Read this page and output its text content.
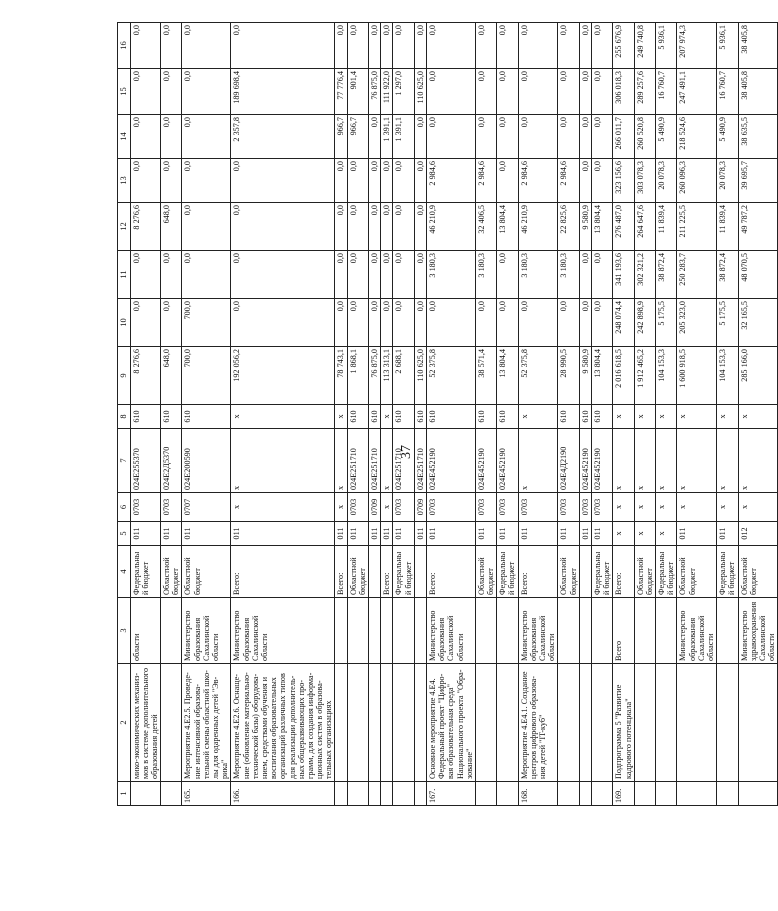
37
1	2	3	4	5	6	7	8	9	10	11	12	13	14	15	16
	мико-экономических механиз-мов в системе дополнительного образования детей	области	Федеральный бюджет	011	0703	024E255370	610	8 276,6	0,0	0,0	8 276,6	0,0	0,0	0,0	0,0
			Областной бюджет	011	0703	024E2Д5370	610	648,0	0,0	0,0	648,0	0,0	0,0	0,0	0,0
165.	Мероприятие 4.E2.5. Проведе-ние интенсивной образова-тельной смены областной шко-лы для одаренных детей "Эв-рика"	Министерство образования Сахалинской области	Областной бюджет	011	0707	024E200590	610	700,0	700,0	0,0	0,0	0,0	0,0	0,0	0,0
166.	Мероприятие 4.E2.6. Оснаще-ние (обновление материально-технической базы) оборудова-нием, средствами обучения и воспитания образовательных организаций различных типов для реализации дополнитель-ных общеразвивающих про-грамм, для создания информа-ционных систем в образова-тельных организациях	Министерство образования Сахалинской области	Всего:	011	x	x	x	192 056,2	0,0	0,0	0,0	0,0	2 357,8	189 698,4	0,0
			Всего:	011	x	x	x	78 743,1	0,0	0,0	0,0	0,0	966,7	77 776,4	0,0
			Областной бюджет	011	0703	024E251710	610	1 868,1	0,0	0,0	0,0	0,0	966,7	901,4	0,0
				011	0709	024E251710	610	76 875,0	0,0	0,0	0,0	0,0	0,0	76 875,0	0,0
			Всего:	011	x	x	x	113 313,1	0,0	0,0	0,0	0,0	1 391,1	111 922,0	0,0
			Федеральный бюджет	011	0703	024E251710	610	2 688,1	0,0	0,0	0,0	0,0	1 391,1	1 297,0	0,0
				011	0709	024E251710	610	110 625,0	0,0	0,0	0,0	0,0	0,0	110 625,0	0,0
167.	Основное мероприятие 4.E4. Федеральный проект "Цифро-вая образовательная среда" Национального проекта "Обра-зование"	Министерство образования Сахалинской области	Всего:	011	0703	024E452190	610	52 375,8	0,0	3 180,3	46 210,9	2 984,6	0,0	0,0	0,0
			Областной бюджет	011	0703	024E452190	610	38 571,4	0,0	3 180,3	32 406,5	2 984,6	0,0	0,0	0,0
			Федеральный бюджет	011	0703	024E452190	610	13 804,4	0,0	0,0	13 804,4	0,0	0,0	0,0	0,0
168.	Мероприятие 4.E4.1. Создание центров цифрового образова-ния детей "IT-куб"	Министерство образования Сахалинской области	Всего:	011	0703	x	x	52 375,8	0,0	3 180,3	46 210,9	2 984,6	0,0	0,0	0,0
			Областной бюджет	011	0703	024E4Д2190	610	28 990,5	0,0	3 180,3	22 825,6	2 984,6	0,0	0,0	0,0
				011	0703	024E452190	610	9 580,9	0,0	0,0	9 580,9	0,0	0,0	0,0	0,0
			Федеральный бюджет	011	0703	024E452190	610	13 804,4	0,0	0,0	13 804,4	0,0	0,0	0,0	0,0
169.	Подпрограмма 5 "Развитие кадрового потенциала"	Всего	Всего:	x	x	x	x	2 016 618,5	248 074,4	341 193,6	276 487,0	323 156,6	266 011,7	306 018,3	255 676,9
			Областной бюджет	x	x	x	x	1 912 465,2	242 898,9	302 321,2	264 647,6	303 078,3	260 520,8	289 257,6	249 740,8
			Федеральный бюджет	x	x	x	x	104 153,3	5 175,5	38 872,4	11 839,4	20 078,3	5 490,9	16 760,7	5 936,1
		Министерство образования Сахалинской области	Областной бюджет	011	x	x	x	1 600 918,5	205 323,0	250 283,7	211 225,5	260 096,3	218 524,6	247 491,1	207 974,3
			Федеральный бюджет	011	x	x	x	104 153,3	5 175,5	38 872,4	11 839,4	20 078,3	5 490,9	16 760,7	5 936,1
		Министерство здравоохранения Сахалинской области	Областной бюджет	012	x	x	x	285 166,0	32 165,5	48 070,5	49 787,2	39 695,7	38 635,5	38 405,8	38 405,8
